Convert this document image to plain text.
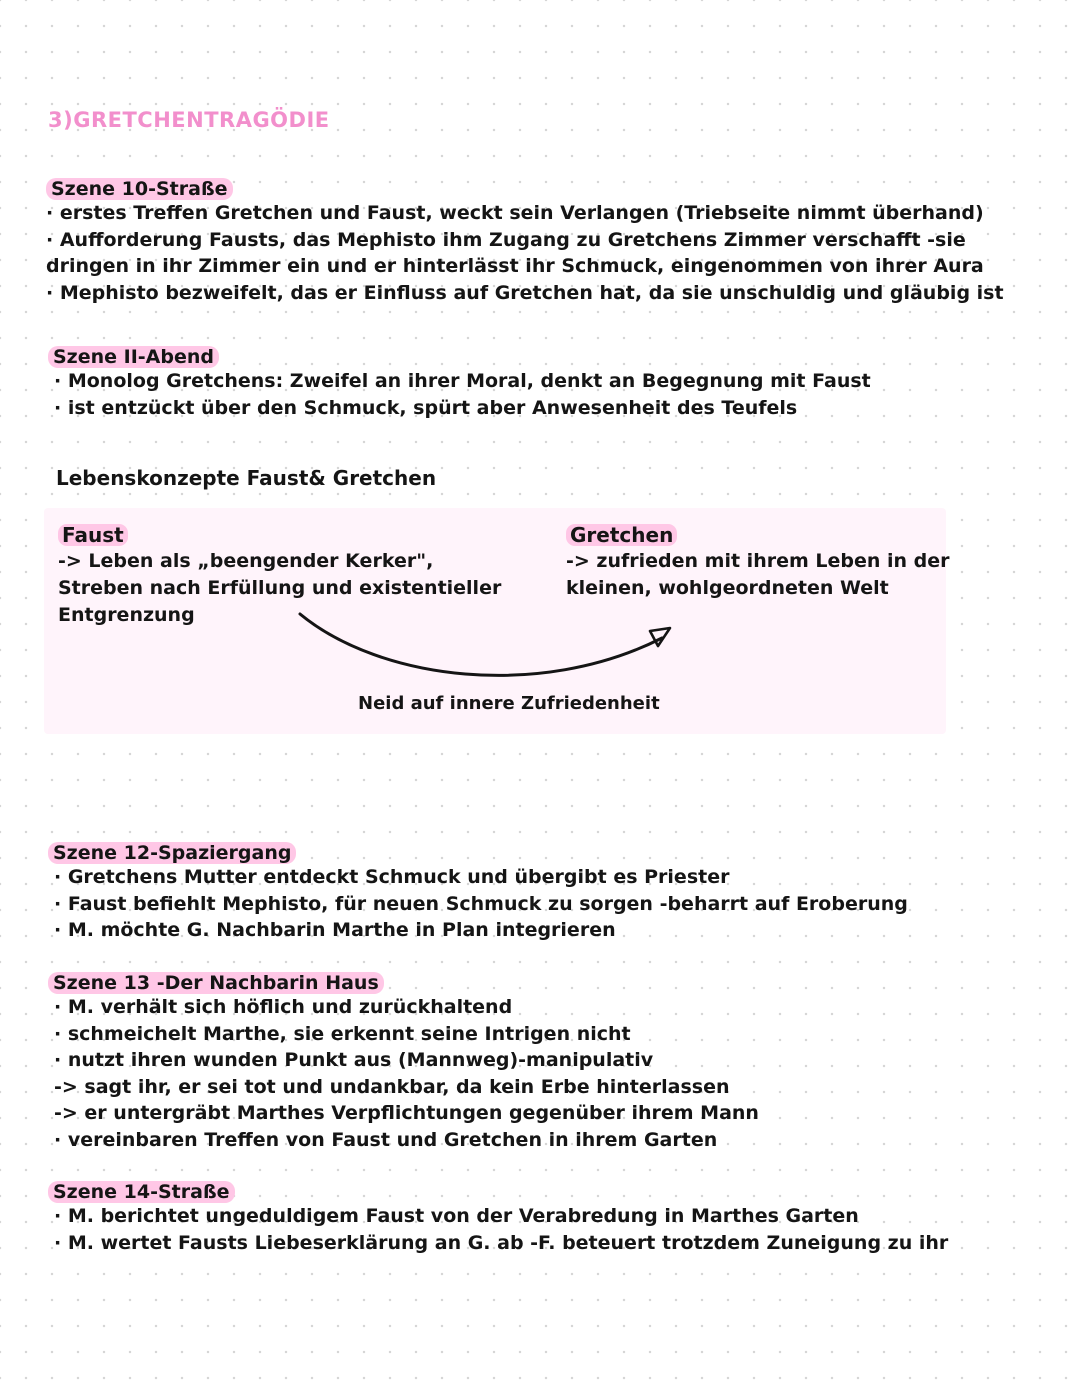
3)GRETCHENTRAGÖDIE
Szene 10-Straße
· erstes Treffen Gretchen und Faust, weckt sein Verlangen (Triebseite nimmt überhand)
· Aufforderung Fausts, das Mephisto ihm Zugang zu Gretchens Zimmer verschafft -sie
dringen in ihr Zimmer ein und er hinterlässt ihr Schmuck, eingenommen von ihrer Aura
· Mephisto bezweifelt, das er Einfluss auf Gretchen hat, da sie unschuldig und gläubig ist
Szene II-Abend
· Monolog Gretchens: Zweifel an ihrer Moral, denkt an Begegnung mit Faust
· ist entzückt über den Schmuck, spürt aber Anwesenheit des Teufels
Lebenskonzepte Faust& Gretchen
Faust
-> Leben als „beengender Kerker",
Streben nach Erfüllung und existentieller
Entgrenzung
Gretchen
-> zufrieden mit ihrem Leben in der
kleinen, wohlgeordneten Welt
Neid auf innere Zufriedenheit
Szene 12-Spaziergang
· Gretchens Mutter entdeckt Schmuck und übergibt es Priester
· Faust befiehlt Mephisto, für neuen Schmuck zu sorgen -beharrt auf Eroberung
· M. möchte G. Nachbarin Marthe in Plan integrieren
Szene 13 -Der Nachbarin Haus
· M. verhält sich höflich und zurückhaltend
· schmeichelt Marthe, sie erkennt seine Intrigen nicht
· nutzt ihren wunden Punkt aus (Mannweg)-manipulativ
-> sagt ihr, er sei tot und undankbar, da kein Erbe hinterlassen
-> er untergräbt Marthes Verpflichtungen gegenüber ihrem Mann
· vereinbaren Treffen von Faust und Gretchen in ihrem Garten
Szene 14-Straße
· M. berichtet ungeduldigem Faust von der Verabredung in Marthes Garten
· M. wertet Fausts Liebeserklärung an G. ab -F. beteuert trotzdem Zuneigung zu ihr
